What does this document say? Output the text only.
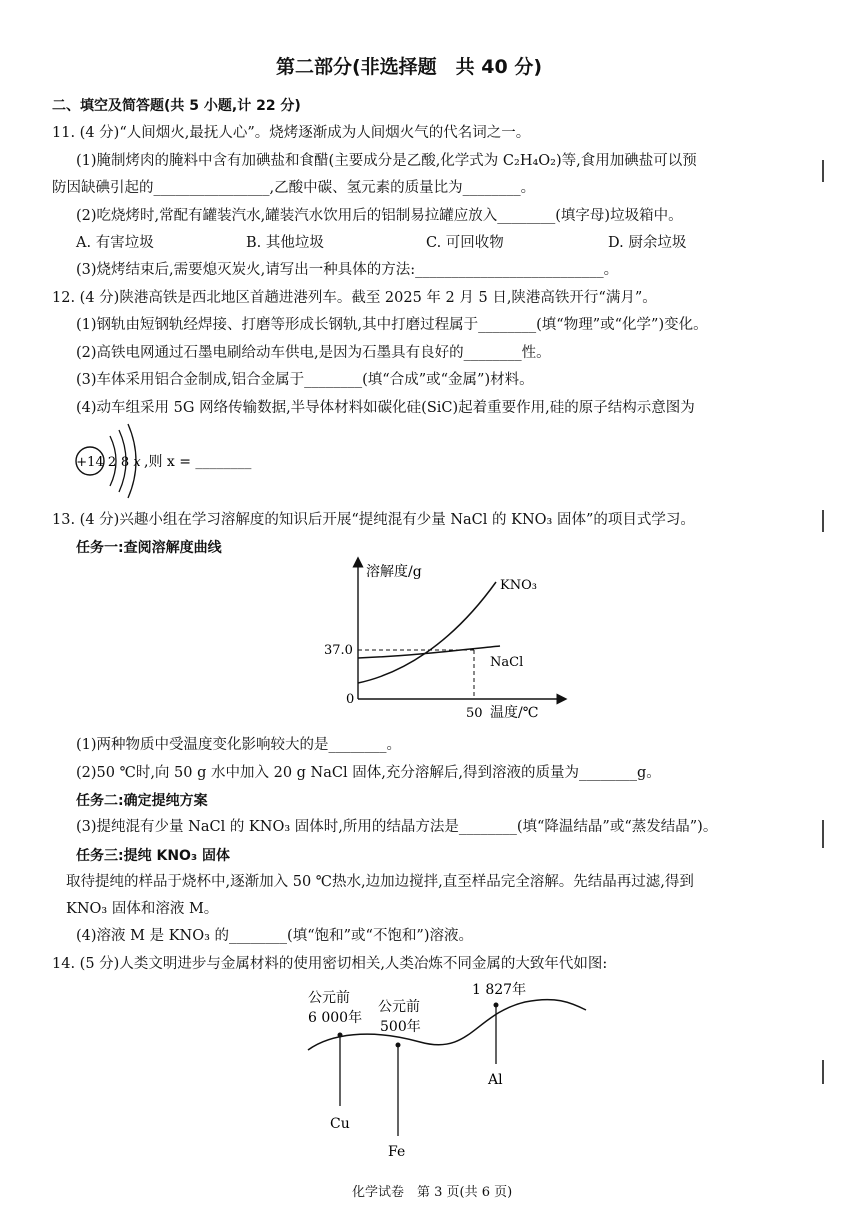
第二部分(非选择题　共 40 分)
二、填空及简答题(共 5 小题,计 22 分)
11. (4 分)“人间烟火,最抚人心”。烧烤逐渐成为人间烟火气的代名词之一。
(1)腌制烤肉的腌料中含有加碘盐和食醋(主要成分是乙酸,化学式为 C₂H₄O₂)等,食用加碘盐可以预
防因缺碘引起的________________,乙酸中碳、氢元素的质量比为________。
(2)吃烧烤时,常配有罐装汽水,罐装汽水饮用后的铝制易拉罐应放入________(填字母)垃圾箱中。
A. 有害垃圾	B. 其他垃圾	C. 可回收物	D. 厨余垃圾
(3)烧烤结束后,需要熄灭炭火,请写出一种具体的方法:__________________________。
12. (4 分)陕港高铁是西北地区首趟进港列车。截至 2025 年 2 月 5 日,陕港高铁开行“满月”。
(1)钢轨由短钢轨经焊接、打磨等形成长钢轨,其中打磨过程属于________(填“物理”或“化学”)变化。
(2)高铁电网通过石墨电刷给动车供电,是因为石墨具有良好的________性。
(3)车体采用铝合金制成,铝合金属于________(填“合成”或“金属”)材料。
(4)动车组采用 5G 网络传输数据,半导体材料如碳化硅(SiC)起着重要作用,硅的原子结构示意图为
+14 2 8 x ,则 x = ________
13. (4 分)兴趣小组在学习溶解度的知识后开展“提纯混有少量 NaCl 的 KNO₃ 固体”的项目式学习。
任务一:查阅溶解度曲线
溶解度/g
温度/℃
37.0
50
0
KNO₃
NaCl
(1)两种物质中受温度变化影响较大的是________。
(2)50 ℃时,向 50 g 水中加入 20 g NaCl 固体,充分溶解后,得到溶液的质量为________g。
任务二:确定提纯方案
(3)提纯混有少量 NaCl 的 KNO₃ 固体时,所用的结晶方法是________(填“降温结晶”或“蒸发结晶”)。
任务三:提纯 KNO₃ 固体
取待提纯的样品于烧杯中,逐渐加入 50 ℃热水,边加边搅拌,直至样品完全溶解。先结晶再过滤,得到
KNO₃ 固体和溶液 M。
(4)溶液 M 是 KNO₃ 的________(填“饱和”或“不饱和”)溶液。
14. (5 分)人类文明进步与金属材料的使用密切相关,人类冶炼不同金属的大致年代如图:
公元前
6 000年
Cu
公元前
500年
Fe
1 827年
Al
化学试卷　第 3 页(共 6 页)
